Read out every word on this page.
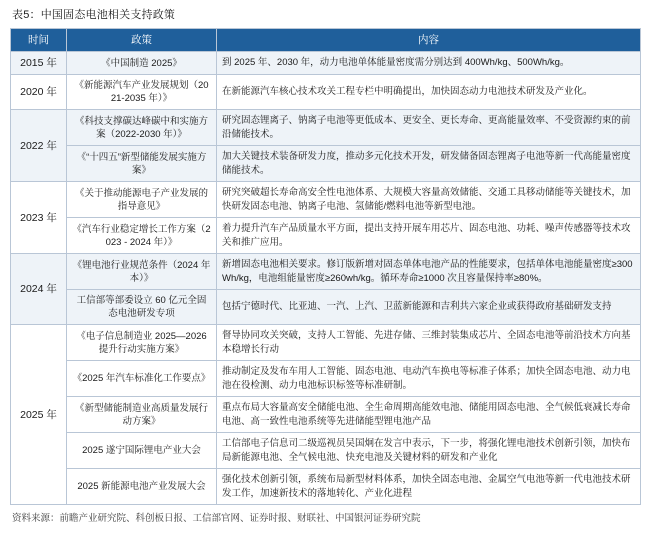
表5：中国固态电池相关支持政策
时间	政策	内容
2015 年	《中国制造 2025》	到 2025 年、2030 年，动力电池单体能量密度需分别达到 400Wh/kg、500Wh/kg。
2020 年	《新能源汽车产业发展规划（2021-2035 年）》	在新能源汽车核心技术攻关工程专栏中明确提出，加快固态动力电池技术研发及产业化。
2022 年	《科技支撑碳达峰碳中和实施方案（2022-2030 年）》	研究固态锂离子、钠离子电池等更低成本、更安全、更长寿命、更高能量效率、不受资源约束的前沿储能技术。
	《“十四五”新型储能发展实施方案》	加大关键技术装备研发力度，推动多元化技术开发，研发储备固态锂离子电池等新一代高能量密度储能技术。
2023 年	《关于推动能源电子产业发展的指导意见》	研究突破超长寿命高安全性电池体系、大规模大容量高效储能、交通工具移动储能等关键技术，加快研发固态电池、钠离子电池、氢储能/燃料电池等新型电池。
	《汽车行业稳定增长工作方案（2023 - 2024 年）》	着力提升汽车产品质量水平方面，提出支持开展车用芯片、固态电池、功耗、噪声传感器等技术攻关和推广应用。
2024 年	《锂电池行业规范条件（2024 年本）》	新增固态电池相关要求。修订版新增对固态单体电池产品的性能要求，包括单体电池能量密度≥300Wh/kg，电池组能量密度≥260wh/kg。循环寿命≥1000 次且容量保持率≥80%。
	工信部等部委设立 60 亿元全固态电池研发专项	包括宁德时代、比亚迪、一汽、上汽、卫蓝新能源和吉利共六家企业或获得政府基础研发支持
2025 年	《电子信息制造业 2025—2026提升行动实施方案》	督导协同攻关突破，支持人工智能、先进存储、三维封装集成芯片、全固态电池等前沿技术方向基本稳增长行动
	《2025 年汽车标准化工作要点》	推动制定及发布车用人工智能、固态电池、电动汽车换电等标准子体系；加快全固态电池、动力电池在役检测、动力电池标识标签等标准研制。
	《新型储能制造业高质量发展行动方案》	重点布局大容量高安全储能电池、全生命周期高能效电池、储能用固态电池、全气候低衰减长寿命电池、高一致性电池系统等先进储能型锂电池产品
	2025 遂宁国际锂电产业大会	工信部电子信息司二级巡视员吴国炯在发言中表示，下一步，将强化锂电池技术创新引领，加快布局新能源电池、全气候电池、快充电池及关键材料的研发和产业化
	2025 新能源电池产业发展大会	强化技术创新引领，系统布局新型材料体系，加快全固态电池、金属空气电池等新一代电池技术研发工作，加速新技术的落地转化、产业化进程
资料来源：前瞻产业研究院、科创板日报、工信部官网、证券时报、财联社、中国银河证券研究院
